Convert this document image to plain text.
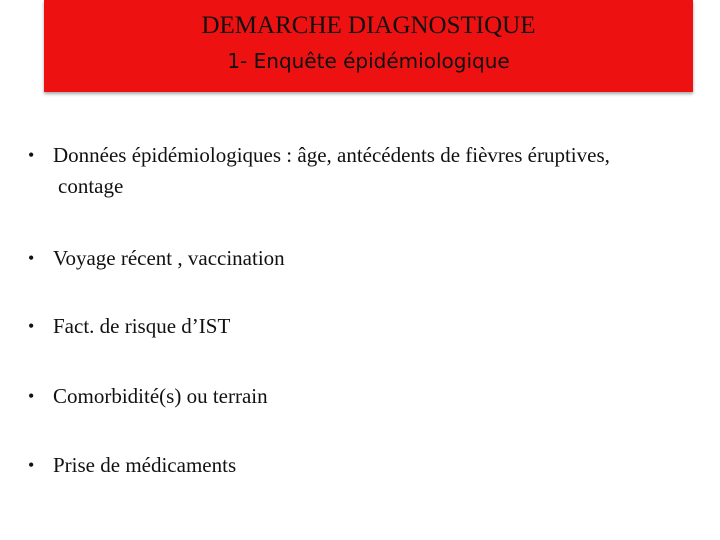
DEMARCHE DIAGNOSTIQUE
1- Enquête épidémiologique
• Données épidémiologiques : âge, antécédents de fièvres éruptives,
contage
• Voyage récent , vaccination
• Fact. de risque d’IST
• Comorbidité(s) ou terrain
• Prise de médicaments
